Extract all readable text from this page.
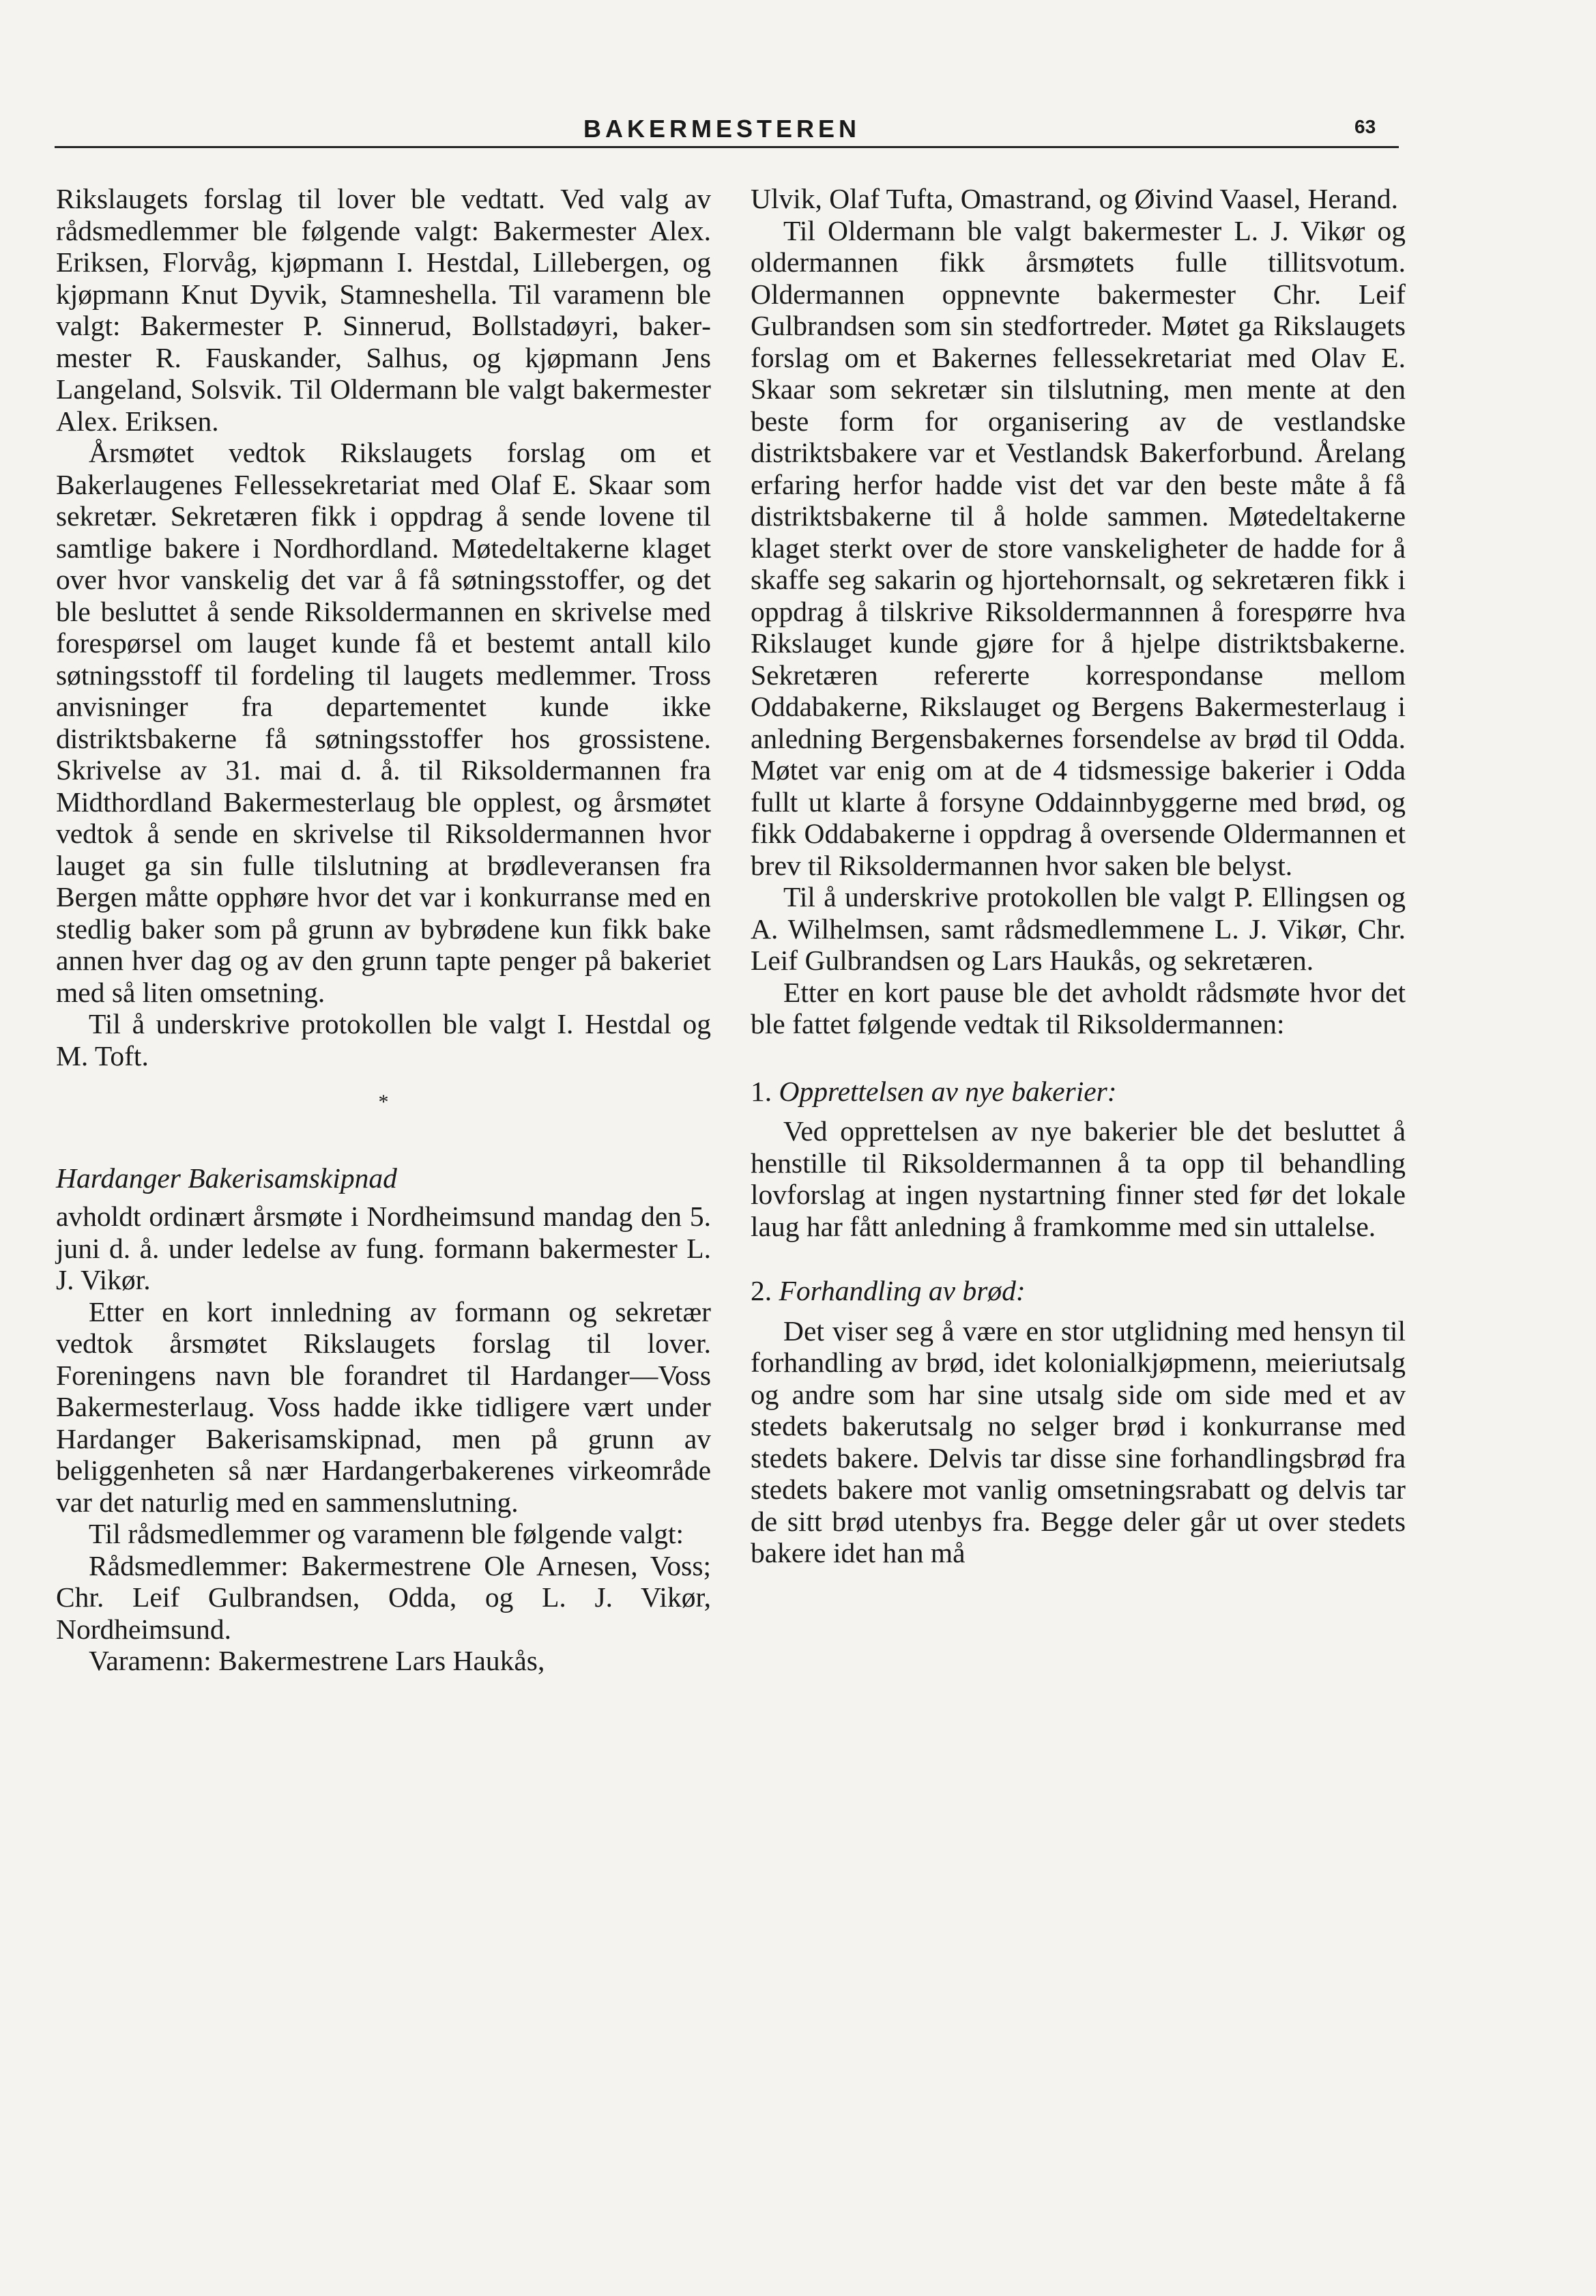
BAKERMESTEREN	63

Rikslaugets forslag til lover ble vedtatt. Ved valg av rådsmedlemmer ble følgende valgt: Bakermester Alex. Eriksen, Florvåg, kjøpmann I. Hestdal, Lillebergen, og kjøpmann Knut Dyvik, Stamneshella. Til varamenn ble valgt: Bakermester P. Sinnerud, Bollstadøyri, bakermester R. Fauskander, Salhus, og kjøpmann Jens Langeland, Solsvik. Til Oldermann ble valgt bakermester Alex. Eriksen.

Årsmøtet vedtok Rikslaugets forslag om et Bakerlaugenes Fellessekretariat med Olaf E. Skaar som sekretær. Sekretæren fikk i oppdrag å sende lovene til samtlige bakere i Nordhordland. Møtedeltakerne klaget over hvor vanskelig det var å få søtningsstoffer, og det ble besluttet å sende Riksoldermannen en skrivelse med forespørsel om lauget kunde få et bestemt antall kilo søtningsstoff til fordeling til laugets medlemmer. Tross anvisninger fra departementet kunde ikke distriktsbakerne få søtningsstoffer hos grossistene. Skrivelse av 31. mai d. å. til Riksoldermannen fra Midthordland Bakermesterlaug ble opplest, og årsmøtet vedtok å sende en skrivelse til Riksoldermannen hvor lauget ga sin fulle tilslutning at brødleveransen fra Bergen måtte opphøre hvor det var i konkurranse med en stedlig baker som på grunn av bybrødene kun fikk bake annen hver dag og av den grunn tapte penger på bakeriet med så liten omsetning.

Til å underskrive protokollen ble valgt I. Hestdal og M. Toft.

*

Hardanger Bakerisamskipnad

avholdt ordinært årsmøte i Nordheimsund mandag den 5. juni d. å. under ledelse av fung. formann bakermester L. J. Vikør.

Etter en kort innledning av formann og sekretær vedtok årsmøtet Rikslaugets forslag til lover. Foreningens navn ble forandret til Hardanger—Voss Bakermesterlaug. Voss hadde ikke tidligere vært under Hardanger Bakerisamskipnad, men på grunn av beliggenheten så nær Hardangerbakerenes virkeområde var det naturlig med en sammenslutning.

Til rådsmedlemmer og varamenn ble følgende valgt:

Rådsmedlemmer: Bakermestrene Ole Arnesen, Voss; Chr. Leif Gulbrandsen, Odda, og L. J. Vikør, Nordheimsund.

Varamenn: Bakermestrene Lars Haukås,

Ulvik, Olaf Tufta, Omastrand, og Øivind Vaasel, Herand.

Til Oldermann ble valgt bakermester L. J. Vikør og oldermannen fikk årsmøtets fulle tillitsvotum. Oldermannen oppnevnte bakermester Chr. Leif Gulbrandsen som sin stedfortreder. Møtet ga Rikslaugets forslag om et Bakernes fellessekretariat med Olav E. Skaar som sekretær sin tilslutning, men mente at den beste form for organisering av de vestlandske distriktsbakere var et Vestlandsk Bakerforbund. Årelang erfaring herfor hadde vist det var den beste måte å få distriktsbakerne til å holde sammen. Møtedeltakerne klaget sterkt over de store vanskeligheter de hadde for å skaffe seg sakarin og hjortehornsalt, og sekretæren fikk i oppdrag å tilskrive Riksoldermannnen å forespørre hva Rikslauget kunde gjøre for å hjelpe distriktsbakerne. Sekretæren refererte korrespondanse mellom Oddabakerne, Rikslauget og Bergens Bakermesterlaug i anledning Bergensbakernes forsendelse av brød til Odda. Møtet var enig om at de 4 tidsmessige bakerier i Odda fullt ut klarte å forsyne Oddainnbyggerne med brød, og fikk Oddabakerne i oppdrag å oversende Oldermannen et brev til Riksoldermannen hvor saken ble belyst.

Til å underskrive protokollen ble valgt P. Ellingsen og A. Wilhelmsen, samt rådsmedlemmene L. J. Vikør, Chr. Leif Gulbrandsen og Lars Haukås, og sekretæren.

Etter en kort pause ble det avholdt rådsmøte hvor det ble fattet følgende vedtak til Riksoldermannen:

1. Opprettelsen av nye bakerier:

Ved opprettelsen av nye bakerier ble det besluttet å henstille til Riksoldermannen å ta opp til behandling lovforslag at ingen nystartning finner sted før det lokale laug har fått anledning å framkomme med sin uttalelse.

2. Forhandling av brød:

Det viser seg å være en stor utglidning med hensyn til forhandling av brød, idet kolonialkjøpmenn, meieriutsalg og andre som har sine utsalg side om side med et av stedets bakerutsalg no selger brød i konkurranse med stedets bakere. Delvis tar disse sine forhandlingsbrød fra stedets bakere mot vanlig omsetningsrabatt og delvis tar de sitt brød utenbys fra. Begge deler går ut over stedets bakere idet han må
